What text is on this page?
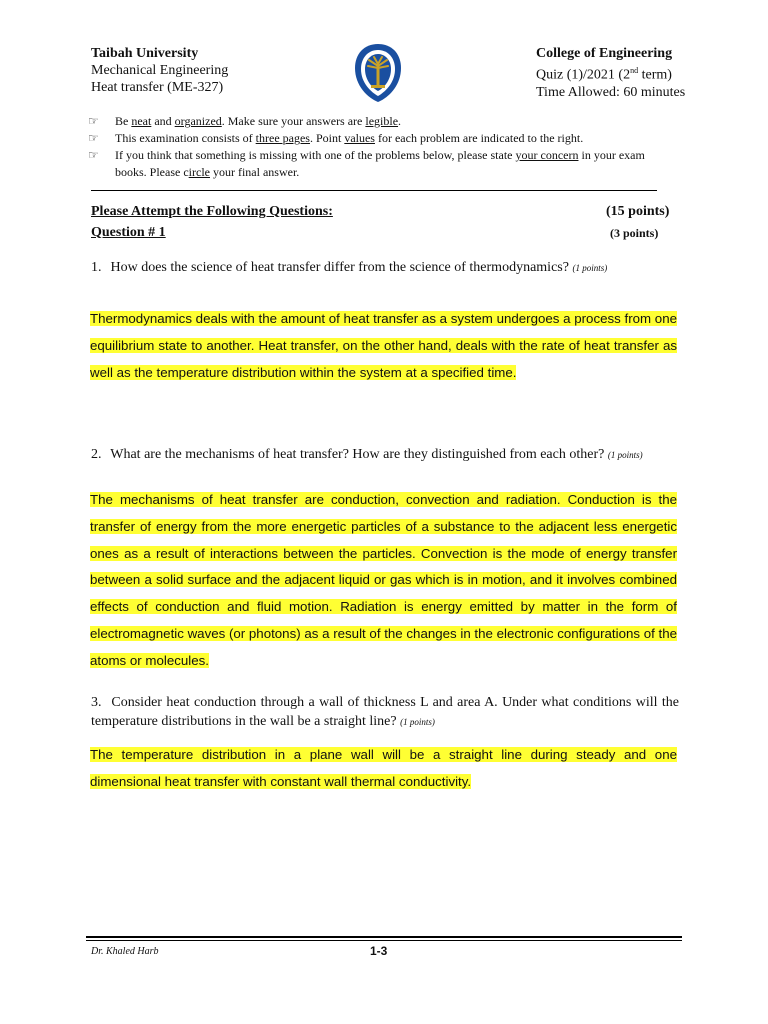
Taibah University
Mechanical Engineering
Heat transfer (ME-327)
College of Engineering
Quiz (1)/2021 (2nd term)
Time Allowed: 60 minutes
☞ Be neat and organized. Make sure your answers are legible.
☞ This examination consists of three pages. Point values for each problem are indicated to the right.
☞ If you think that something is missing with one of the problems below, please state your concern in your exam
books. Please circle your final answer.
Please Attempt the Following Questions:	(15 points)
Question # 1	(3 points)
1. How does the science of heat transfer differ from the science of thermodynamics? (1 points)
Thermodynamics deals with the amount of heat transfer as a system undergoes a process from one equilibrium state to another. Heat transfer, on the other hand, deals with the rate of heat transfer as well as the temperature distribution within the system at a specified time.
2. What are the mechanisms of heat transfer? How are they distinguished from each other? (1 points)
The mechanisms of heat transfer are conduction, convection and radiation. Conduction is the transfer of energy from the more energetic particles of a substance to the adjacent less energetic ones as a result of interactions between the particles. Convection is the mode of energy transfer between a solid surface and the adjacent liquid or gas which is in motion, and it involves combined effects of conduction and fluid motion. Radiation is energy emitted by matter in the form of electromagnetic waves (or photons) as a result of the changes in the electronic configurations of the atoms or molecules.
3. Consider heat conduction through a wall of thickness L and area A. Under what conditions will the temperature distributions in the wall be a straight line? (1 points)
The temperature distribution in a plane wall will be a straight line during steady and one dimensional heat transfer with constant wall thermal conductivity.
Dr. Khaled Harb	1-3
